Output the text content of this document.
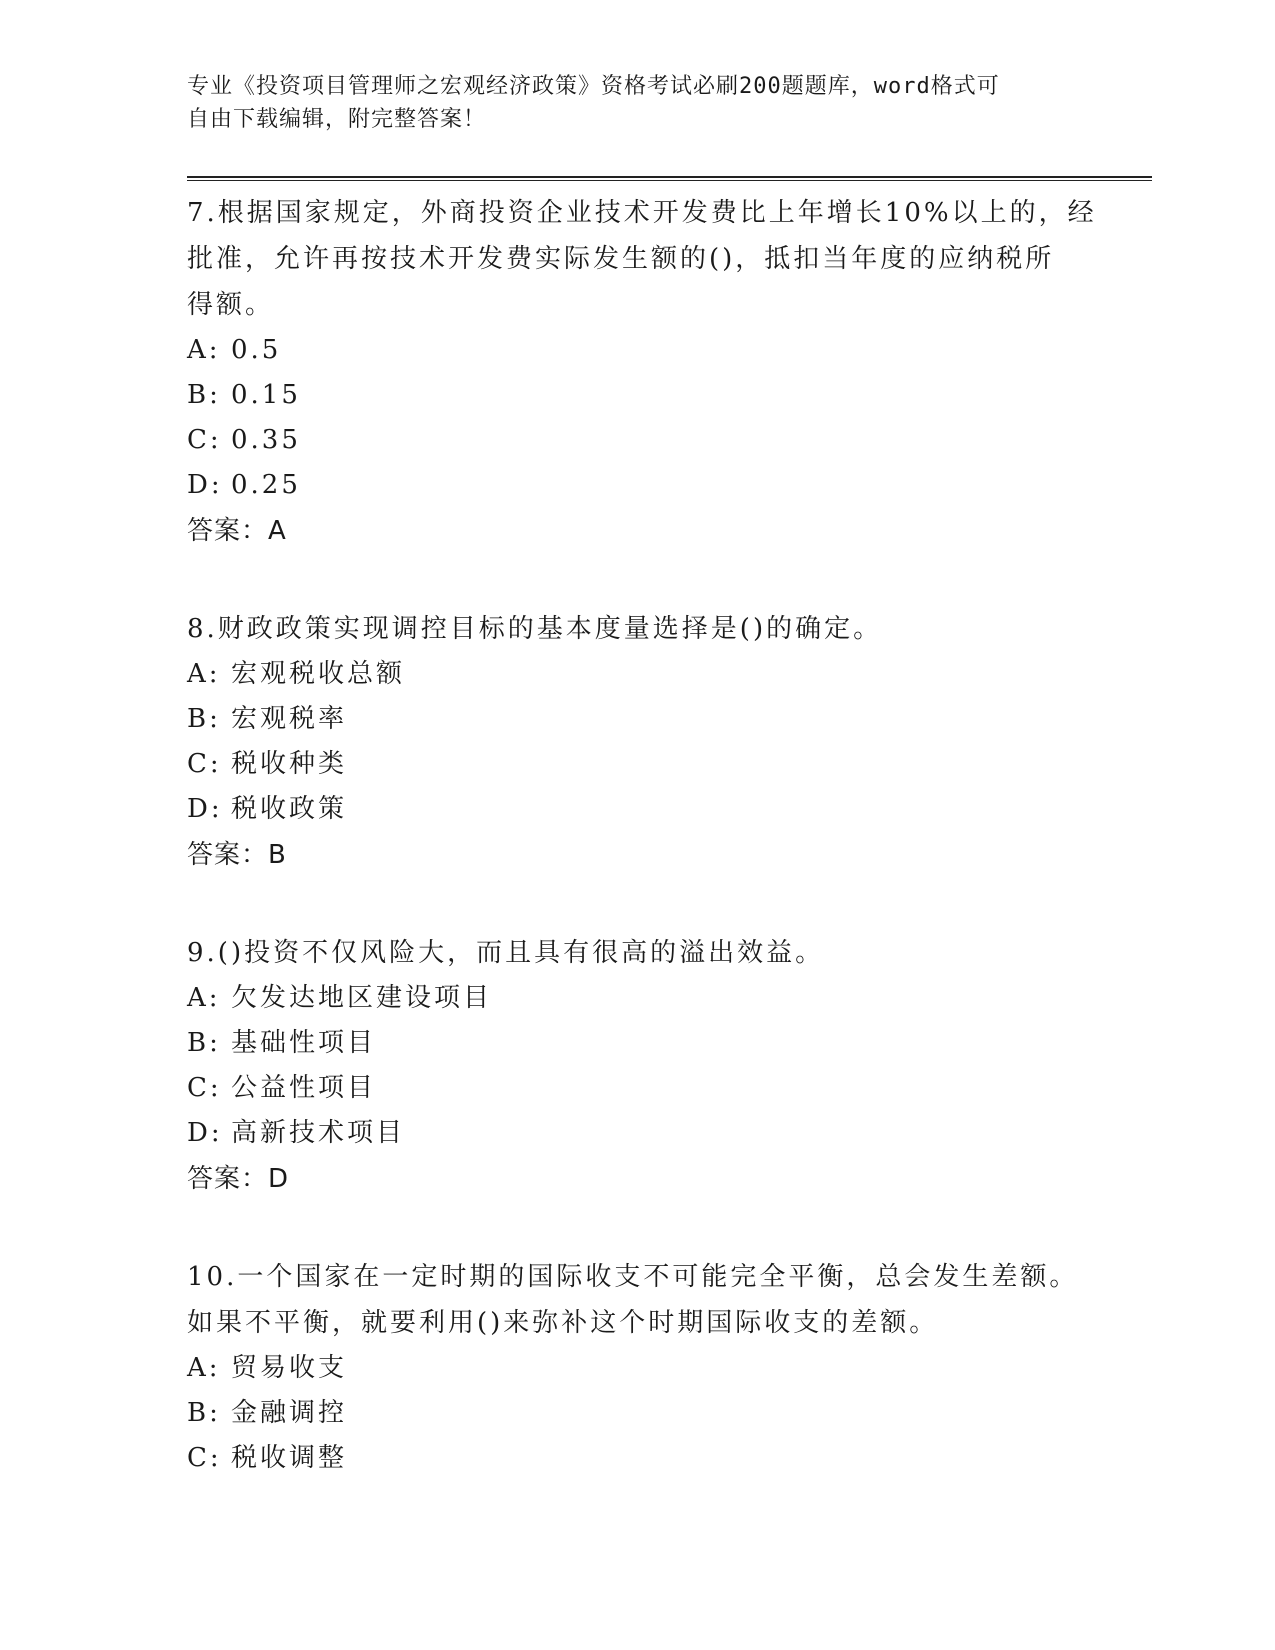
专业《投资项目管理师之宏观经济政策》资格考试必刷200题题库，word格式可
自由下载编辑，附完整答案！
7.根据国家规定，外商投资企业技术开发费比上年增长10%以上的，经
批准，允许再按技术开发费实际发生额的()，抵扣当年度的应纳税所
得额。
A: 0.5
B: 0.15
C: 0.35
D: 0.25
答案：A
8.财政政策实现调控目标的基本度量选择是()的确定。
A: 宏观税收总额
B: 宏观税率
C: 税收种类
D: 税收政策
答案：B
9.()投资不仅风险大，而且具有很高的溢出效益。
A: 欠发达地区建设项目
B: 基础性项目
C: 公益性项目
D: 高新技术项目
答案：D
10.一个国家在一定时期的国际收支不可能完全平衡，总会发生差额。
如果不平衡，就要利用()来弥补这个时期国际收支的差额。
A: 贸易收支
B: 金融调控
C: 税收调整
